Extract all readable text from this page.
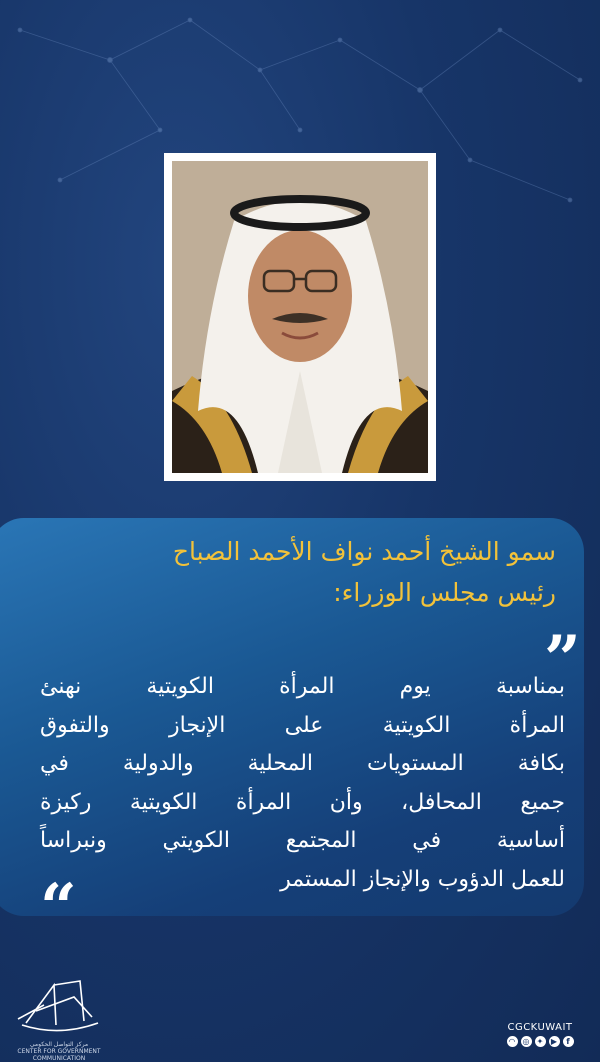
سمو الشيخ أحمد نواف الأحمد الصباح
رئيس مجلس الوزراء:
”
بمناسبة يوم المرأة الكويتية نهنئ
المرأة الكويتية على الإنجاز والتفوق
بكافة المستويات المحلية والدولية في
جميع المحافل، وأن المرأة الكويتية ركيزة
أساسية في المجتمع الكويتي ونبراساً
للعمل الدؤوب والإنجاز المستمر
“
مركز التواصل الحكومي
CENTER FOR GOVERNMENT COMMUNICATION
CGCKUWAIT
◠ ◎ ✦ ▶	f
